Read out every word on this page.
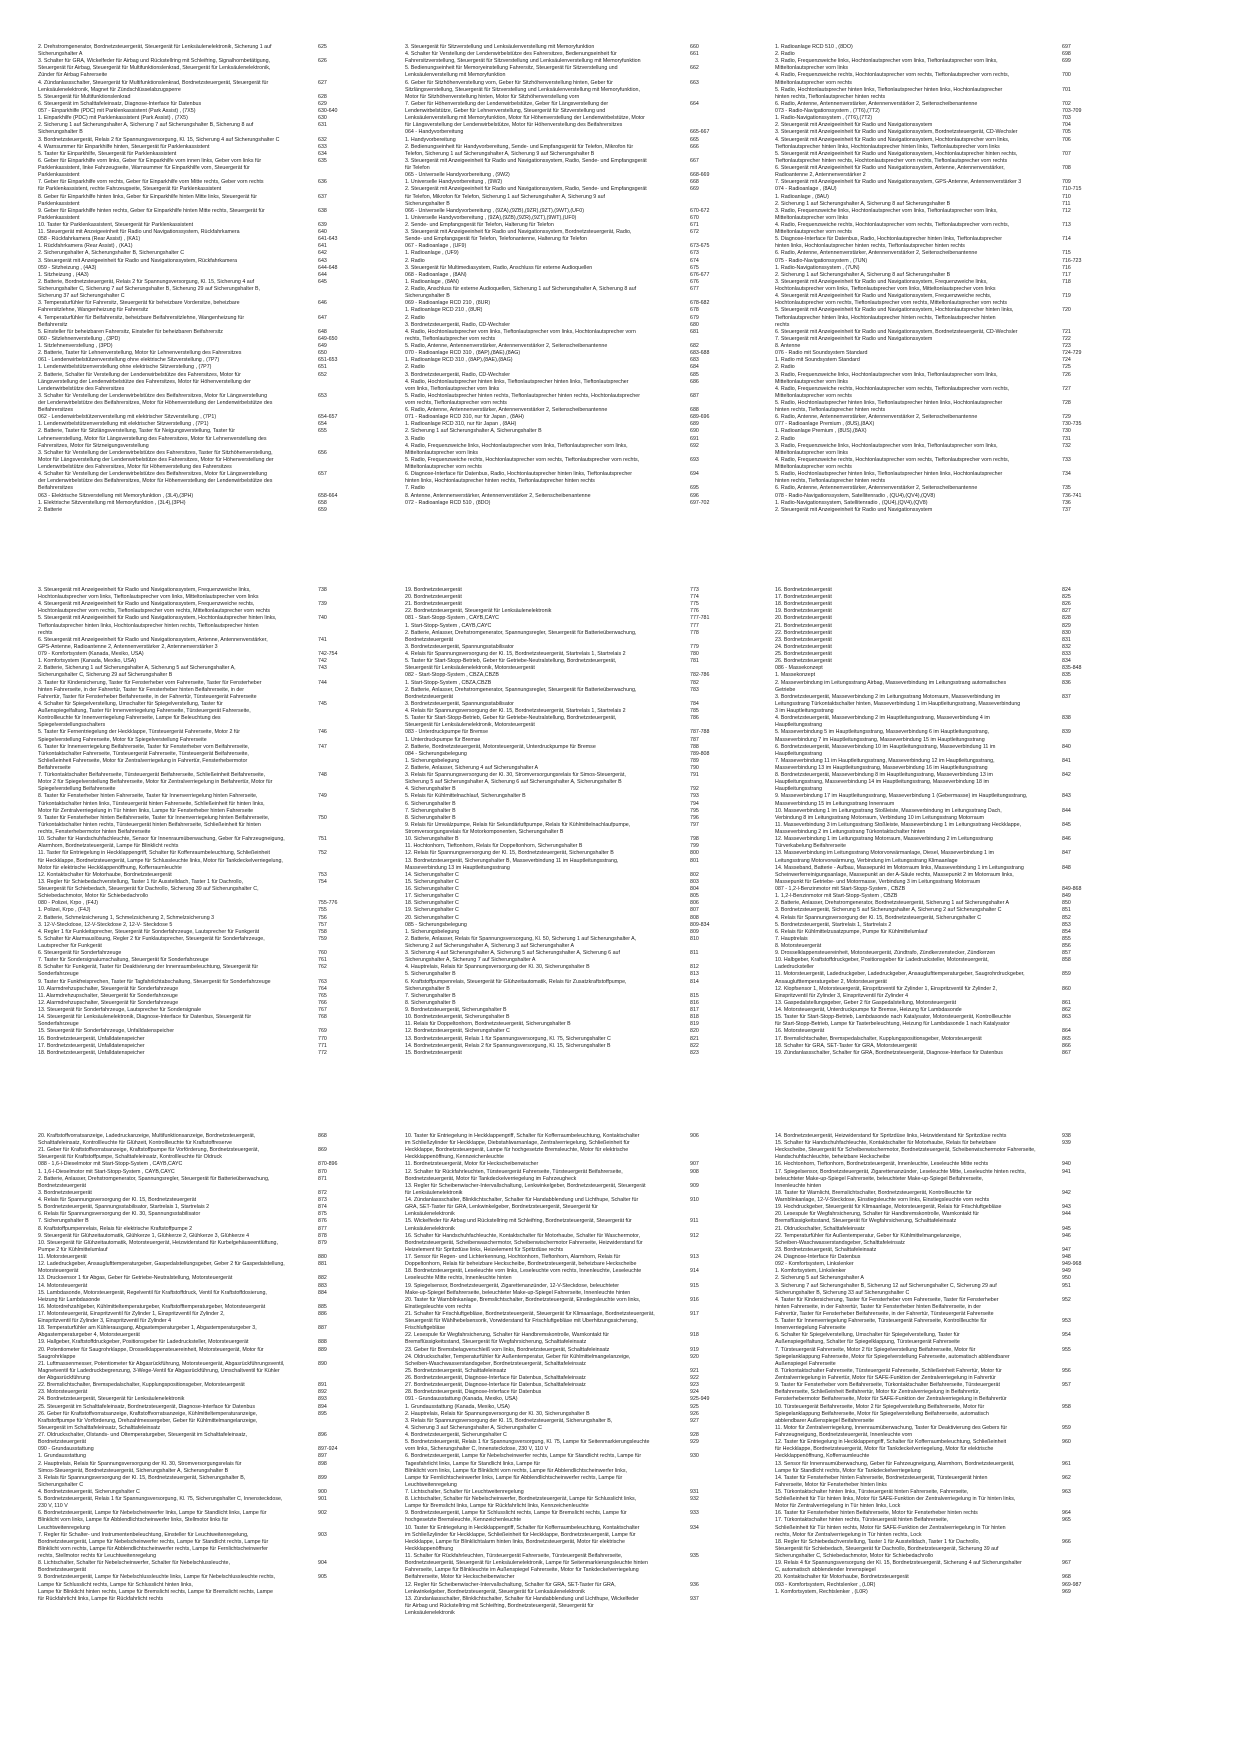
2. Drehstromgenerator, Bordnetzsteuergerät, Steuergerät für Lenksäulenelektronik, Sicherung 1 auf	625
Sicherungshalter A
3. Schalter für GRA, Wickelfeder für Airbag und Rückstellring mit Schleifring, Signalhornbetätigung,	626
Steuergerät für Airbag, Steuergerät für Multifunktionslenkrad, Steuergerät für Lenksäulenelektronik,
Zünder für Airbag Fahrerseite
4. Zündanlassschalter, Steuergerät für Multifunktionslenkrad, Bordnetzsteuergerät, Steuergerät für	627
Lenksäulenelektronik, Magnet für Zündschlüsselabzugsperre
5. Steuergerät für Multifunktionslenkrad	628
6. Steuergerät im Schalttafeleinsatz, Diagnose-Interface für Datenbus	629
057 - Einparkhilfe (PDC) mit Parklenkassistent (Park Assist) , (7X5)	630-640
1. Einparkhilfe (PDC) mit Parklenkassistent (Park Assist) , (7X5)	630
2. Sicherung 1 auf Sicherungshalter A, Sicherung 7 auf Sicherungshalter B, Sicherung 8 auf	631
Sicherungshalter B
3. Bordnetzsteuergerät, Relais 2 für Spannungsversorgung, Kl. 15, Sicherung 4 auf Sicherungshalter C	632
4. Warnsummer für Einparkhilfe hinten, Steuergerät für Parklenkassistent	633
5. Taster für Einparkhilfe, Steuergerät für Parklenkassistent	634
6. Geber für Einparkhilfe vorn links, Geber für Einparkhilfe vorn innen links, Geber vorn links für	635
Parklenkassistent, linke Fahrzeugseite, Warnsummer für Einparkhilfe vorn, Steuergerät für
Parklenkassistent
7. Geber für Einparkhilfe vorn rechts, Geber für Einparkhilfe vorn Mitte rechts, Geber vorn rechts	636
für Parklenkassistent, rechte Fahrzeugseite, Steuergerät für Parklenkassistent
8. Geber für Einparkhilfe hinten links, Geber für Einparkhilfe hinten Mitte links, Steuergerät für	637
Parklenkassistent
9. Geber für Einparkhilfe hinten rechts, Geber für Einparkhilfe hinten Mitte rechts, Steuergerät für	638
Parklenkassistent
10. Taster für Parklenkassistent, Steuergerät für Parklenkassistent	639
11. Steuergerät mit Anzeigeeinheit für Radio und Navigationssystem, Rückfahrkamera	640
058 - Rückfahrkamera (Rear Assist) , (KA1)	641-643
1. Rückfahrkamera (Rear Assist) , (KA1)	641
2. Sicherungshalter A, Sicherungshalter B, Sicherungshalter C	642
3. Steuergerät mit Anzeigeeinheit für Radio und Navigationssystem, Rückfahrkamera	643
059 - Sitzheizung , (4A3)	644-648
1. Sitzheizung , (4A3)	644
2. Batterie, Bordnetzsteuergerät, Relais 2 für Spannungsversorgung, Kl. 15, Sicherung 4 auf	645
Sicherungshalter C, Sicherung 7 auf Sicherungshalter B, Sicherung 29 auf Sicherungshalter B,
Sicherung 37 auf Sicherungshalter C
3. Temperaturfühler für Fahrersitz, Steuergerät für beheizbare Vordersitze, beheizbare	646
Fahrersitzlehne, Wangenheizung für Fahrersitz
4. Temperaturfühler für Beifahrersitz, beheizbare Beifahrersitzlehne, Wangenheizung für	647
Beifahrersitz
5. Einsteller für beheizbaren Fahrersitz, Einsteller für beheizbaren Beifahrersitz	648
060 - Sitzlehnenverstellung , (3PD)	649-650
1. Sitzlehnenverstellung , (3PD)	649
2. Batterie, Taster für Lehnenverstellung, Motor für Lehnenverstellung des Fahrersitzes	650
061 - Lendenwirbelstützenverstellung ohne elektrische Sitzverstellung , (7P7)	651-653
1. Lendenwirbelstützenverstellung ohne elektrische Sitzverstellung , (7P7)	651
2. Batterie, Schalter für Verstellung der Lendenwirbelstütze des Fahrersitzes, Motor für	652
Längsverstellung der Lendenwirbelstütze des Fahrersitzes, Motor für Höhenverstellung der
Lendenwirbelstütze des Fahrersitzes
3. Schalter für Verstellung der Lendenwirbelstütze des Beifahrersitzes, Motor für Längsverstellung	653
der Lendenwirbelstütze des Beifahrersitzes, Motor für Höhenverstellung der Lendenwirbelstütze des
Beifahrersitzes
062 - Lendenwirbelstützenverstellung mit elektrischer Sitzverstellung , (7P1)	654-657
1. Lendenwirbelstützenverstellung mit elektrischer Sitzverstellung , (7P1)	654
2. Batterie, Taster für Sitzlängsverstellung, Taster für Neigungsverstellung, Taster für	655
Lehnenverstellung, Motor für Längsverstellung des Fahrersitzes, Motor für Lehnenverstellung des
Fahrersitzes, Motor für Sitzneigungsverstellung
3. Schalter für Verstellung der Lendenwirbelstütze des Fahrersitzes, Taster für Sitzhöhenverstellung,	656
Motor für Längsverstellung der Lendenwirbelstütze des Fahrersitzes, Motor für Höhenverstellung der
Lendenwirbelstütze des Fahrersitzes, Motor für Höhenverstellung des Fahrersitzes
4. Schalter für Verstellung der Lendenwirbelstütze des Beifahrersitzes, Motor für Längsverstellung	657
der Lendenwirbelstütze des Beifahrersitzes, Motor für Höhenverstellung der Lendenwirbelstütze des
Beifahrersitzes
063 - Elektrische Sitzverstellung mit Memoryfunktion , (3L4),(3PH)	658-664
1. Elektrische Sitzverstellung mit Memoryfunktion , (3L4),(3PH)	658
2. Batterie	659
3. Steuergerät für Sitzverstellung und Lenksäulenverstellung mit Memoryfunktion	660
4. Schalter für Verstellung der Lendenwirbelstütze des Fahrersitzes, Bedienungseinheit für	661
Fahrersitzverstellung, Steuergerät für Sitzverstellung und Lenksäulenverstellung mit Memoryfunktion
5. Bedienungseinheit für Memoryeinstellung Fahrersitz, Steuergerät für Sitzverstellung und	662
Lenksäulenverstellung mit Memoryfunktion
6. Geber für Sitzhöhenverstellung vorn, Geber für Sitzhöhenverstellung hinten, Geber für	663
Sitzlängsverstellung, Steuergerät für Sitzverstellung und Lenksäulenverstellung mit Memoryfunktion,
Motor für Sitzhöhenverstellung hinten, Motor für Sitzhöhenverstellung vorn
7. Geber für Höhenverstellung der Lendenwirbelstütze, Geber für Längsverstellung der	664
Lendenwirbelstütze, Geber für Lehnenverstellung, Steuergerät für Sitzverstellung und
Lenksäulenverstellung mit Memoryfunktion, Motor für Höhenverstellung der Lendenwirbelstütze, Motor
für Längsverstellung der Lendenwirbelstütze, Motor für Höhenverstellung des Beifahrersitzes
064 - Handyvorbereitung	665-667
1. Handyvorbereitung	665
2. Bedienungseinheit für Handyvorbereitung, Sende- und Empfangsgerät für Telefon, Mikrofon für	666
Telefon, Sicherung 1 auf Sicherungshalter A, Sicherung 9 auf Sicherungshalter B
3. Steuergerät mit Anzeigeeinheit für Radio und Navigationssystem, Radio, Sende- und Empfangsgerät	667
für Telefon
065 - Universelle Handyvorbereitung , (9W2)	668-669
1. Universelle Handyvorbereitung , (9W2)	668
2. Steuergerät mit Anzeigeeinheit für Radio und Navigationssystem, Radio, Sende- und Empfangsgerät	669
für Telefon, Mikrofon für Telefon, Sicherung 1 auf Sicherungshalter A, Sicherung 9 auf
Sicherungshalter B
066 - Universelle Handyvorbereitung , (9ZA),(9ZB),(9ZR),(9ZT),(9WT),(UF0)	670-672
1. Universelle Handyvorbereitung , (9ZA),(9ZB),(9ZR),(9ZT),(9WT),(UF0)	670
2. Sende- und Empfangsgerät für Telefon, Halterung für Telefon	671
3. Steuergerät mit Anzeigeeinheit für Radio und Navigationssystem, Bordnetzsteuergerät, Radio,	672
Sende- und Empfangsgerät für Telefon, Telefonantenne, Halterung für Telefon
067 - Radioanlage , (UF9)	673-675
1. Radioanlage , (UF9)	673
2. Radio	674
3. Steuergerät für Multimediasystem, Radio, Anschluss für externe Audioquellen	675
068 - Radioanlage , (8AN)	676-677
1. Radioanlage , (8AN)	676
2. Radio, Anschluss für externe Audioquellen, Sicherung 1 auf Sicherungshalter A, Sicherung 8 auf	677
Sicherungshalter B
069 - Radioanlage RCD 210 , (8UR)	678-682
1. Radioanlage RCD 210 , (8UR)	678
2. Radio	679
3. Bordnetzsteuergerät, Radio, CD-Wechsler	680
4. Radio, Hochtonlautsprecher vorn links, Tieftonlautsprecher vorn links, Hochtonlautsprecher vorn	681
rechts, Tieftonlautsprecher vorn rechts
5. Radio, Antenne, Antennenverstärker, Antennenverstärker 2, Seitenscheibenantenne	682
070 - Radioanlage RCD 310 , (8AP),(8AE),(8AG)	683-688
1. Radioanlage RCD 310 , (8AP),(8AE),(8AG)	683
2. Radio	684
3. Bordnetzsteuergerät, Radio, CD-Wechsler	685
4. Radio, Hochtonlautsprecher hinten links, Tieftonlautsprecher hinten links, Tieftonlautsprecher	686
vorn links, Tieftonlautsprecher vorn links
5. Radio, Hochtonlautsprecher hinten rechts, Tieftonlautsprecher hinten rechts, Hochtonlautsprecher	687
vorn rechts, Tieftonlautsprecher vorn rechts
6. Radio, Antenne, Antennenverstärker, Antennenverstärker 2, Seitenscheibenantenne	688
071 - Radioanlage RCD 310, nur für Japan , (8AH)	689-696
1. Radioanlage RCD 310, nur für Japan , (8AH)	689
2. Sicherung 1 auf Sicherungshalter A, Sicherungshalter B	690
3. Radio	691
4. Radio, Frequenzweiche links, Hochtonlautsprecher vorn links, Tieftonlautsprecher vorn links,	692
Mitteltonlautsprecher vorn links
5. Radio, Frequenzweiche rechts, Hochtonlautsprecher vorn rechts, Tieftonlautsprecher vorn rechts,	693
Mitteltonlautsprecher vorn rechts
6. Diagnose-Interface für Datenbus, Radio, Hochtonlautsprecher hinten links, Tieftonlautsprecher	694
hinten links, Hochtonlautsprecher hinten rechts, Tieftonlautsprecher hinten rechts
7. Radio	695
8. Antenne, Antennenverstärker, Antennenverstärker 2, Seitenscheibenantenne	696
072 - Radioanlage RCD 510 , (8DO)	697-702
1. Radioanlage RCD 510 , (8DO)	697
2. Radio	698
3. Radio, Frequenzweiche links, Hochtonlautsprecher vorn links, Tieftonlautsprecher vorn links,	699
Mitteltonlautsprecher vorn links
4. Radio, Frequenzweiche rechts, Hochtonlautsprecher vorn rechts, Tieftonlautsprecher vorn rechts,	700
Mitteltonlautsprecher vorn rechts
5. Radio, Hochtonlautsprecher hinten links, Tieftonlautsprecher hinten links, Hochtonlautsprecher	701
hinten rechts, Tieftonlautsprecher hinten rechts
6. Radio, Antenne, Antennenverstärker, Antennenverstärker 2, Seitenscheibenantenne	702
073 - Radio-Navigationssystem , (7T6),(7T2)	703-709
1. Radio-Navigationssystem , (7T6),(7T2)	703
2. Steuergerät mit Anzeigeeinheit für Radio und Navigationssystem	704
3. Steuergerät mit Anzeigeeinheit für Radio und Navigationssystem, Bordnetzsteuergerät, CD-Wechsler	705
4. Steuergerät mit Anzeigeeinheit für Radio und Navigationssystem, Hochtonlautsprecher vorn links,	706
Tieftonlautsprecher hinten links, Hochtonlautsprecher hinten links, Tieftonlautsprecher vorn links
5. Steuergerät mit Anzeigeeinheit für Radio und Navigationssystem, Hochtonlautsprecher hinten rechts,	707
Tieftonlautsprecher hinten rechts, Hochtonlautsprecher vorn rechts, Tieftonlautsprecher vorn rechts
6. Steuergerät mit Anzeigeeinheit für Radio und Navigationssystem, Antenne, Antennenverstärker,	708
Radioantenne 2, Antennenverstärker 2
7. Steuergerät mit Anzeigeeinheit für Radio und Navigationssystem, GPS-Antenne, Antennenverstärker 3	709
074 - Radioanlage , (8AU)	710-715
1. Radioanlage , (8AU)	710
2. Sicherung 1 auf Sicherungshalter A, Sicherung 8 auf Sicherungshalter B	711
3. Radio, Frequenzweiche links, Hochtonlautsprecher vorn links, Tieftonlautsprecher vorn links,	712
Mitteltonlautsprecher vorn links
4. Radio, Frequenzweiche rechts, Hochtonlautsprecher vorn rechts, Tieftonlautsprecher vorn rechts,	713
Mitteltonlautsprecher vorn rechts
5. Diagnose-Interface für Datenbus, Radio, Hochtonlautsprecher hinten links, Tieftonlautsprecher	714
hinten links, Hochtonlautsprecher hinten rechts, Tieftonlautsprecher hinten rechts
6. Radio, Antenne, Antennenverstärker, Antennenverstärker 2, Seitenscheibenantenne	715
075 - Radio-Navigationssystem , (7UN)	716-723
1. Radio-Navigationssystem , (7UN)	716
2. Sicherung 1 auf Sicherungshalter A, Sicherung 8 auf Sicherungshalter B	717
3. Steuergerät mit Anzeigeeinheit für Radio und Navigationssystem, Frequenzweiche links,	718
Hochtonlautsprecher vorn links, Tieftonlautsprecher vorn links, Mitteltonlautsprecher vorn links
4. Steuergerät mit Anzeigeeinheit für Radio und Navigationssystem, Frequenzweiche rechts,	719
Hochtonlautsprecher vorn rechts, Tieftonlautsprecher vorn rechts, Mitteltonlautsprecher vorn rechts
5. Steuergerät mit Anzeigeeinheit für Radio und Navigationssystem, Hochtonlautsprecher hinten links,	720
Tieftonlautsprecher hinten links, Hochtonlautsprecher hinten rechts, Tieftonlautsprecher hinten
rechts
6. Steuergerät mit Anzeigeeinheit für Radio und Navigationssystem, Bordnetzsteuergerät, CD-Wechsler	721
7. Steuergerät mit Anzeigeeinheit für Radio und Navigationssystem	722
8. Antenne	723
076 - Radio mit Soundsystem Standard	724-729
1. Radio mit Soundsystem Standard	724
2. Radio	725
3. Radio, Frequenzweiche links, Hochtonlautsprecher vorn links, Tieftonlautsprecher vorn links,	726
Mitteltonlautsprecher vorn links
4. Radio, Frequenzweiche rechts, Hochtonlautsprecher vorn rechts, Tieftonlautsprecher vorn rechts,	727
Mitteltonlautsprecher vorn rechts
5. Radio, Hochtonlautsprecher hinten links, Tieftonlautsprecher hinten links, Hochtonlautsprecher	728
hinten rechts, Tieftonlautsprecher hinten rechts
6. Radio, Antenne, Antennenverstärker, Antennenverstärker 2, Seitenscheibenantenne	729
077 - Radioanlage Premium , (8US),(8AX)	730-735
1. Radioanlage Premium , (8US),(8AX)	730
2. Radio	731
3. Radio, Frequenzweiche links, Hochtonlautsprecher vorn links, Tieftonlautsprecher vorn links,	732
Mitteltonlautsprecher vorn links
4. Radio, Frequenzweiche rechts, Hochtonlautsprecher vorn rechts, Tieftonlautsprecher vorn rechts,	733
Mitteltonlautsprecher vorn rechts
5. Radio, Hochtonlautsprecher hinten links, Tieftonlautsprecher hinten links, Hochtonlautsprecher	734
hinten rechts, Tieftonlautsprecher hinten rechts
6. Radio, Antenne, Antennenverstärker, Antennenverstärker 2, Seitenscheibenantenne	735
078 - Radio-Navigationssystem, Satellitenradio , (QU4),(QV4),(QV8)	736-741
1. Radio-Navigationssystem, Satellitenradio , (QU4),(QV4),(QV8)	736
2. Steuergerät mit Anzeigeeinheit für Radio und Navigationssystem	737
3. Steuergerät mit Anzeigeeinheit für Radio und Navigationssystem, Frequenzweiche links,	738
Hochtonlautsprecher vorn links, Tieftonlautsprecher vorn links, Mitteltonlautsprecher vorn links
4. Steuergerät mit Anzeigeeinheit für Radio und Navigationssystem, Frequenzweiche rechts,	739
Hochtonlautsprecher vorn rechts, Tieftonlautsprecher vorn rechts, Mitteltonlautsprecher vorn rechts
5. Steuergerät mit Anzeigeeinheit für Radio und Navigationssystem, Hochtonlautsprecher hinten links,	740
Tieftonlautsprecher hinten links, Hochtonlautsprecher hinten rechts, Tieftonlautsprecher hinten
rechts
6. Steuergerät mit Anzeigeeinheit für Radio und Navigationssystem, Antenne, Antennenverstärker,	741
GPS-Antenne, Radioantenne 2, Antennenverstärker 2, Antennenverstärker 3
079 - Komfortsystem (Kanada, Mexiko, USA)	742-754
1. Komfortsystem (Kanada, Mexiko, USA)	742
2. Batterie, Sicherung 1 auf Sicherungshalter A, Sicherung 5 auf Sicherungshalter A,	743
Sicherungshalter C, Sicherung 29 auf Sicherungshalter B
3. Taster für Kindersicherung, Taster für Fensterheber vorn Fahrerseite, Taster für Fensterheber	744
hinten Fahrerseite, in der Fahrertür, Taster für Fensterheber hinten Beifahrerseite, in der
Fahrertür, Taster für Fensterheber Beifahrerseite, in der Fahrertür, Türsteuergerät Fahrerseite
4. Schalter für Spiegelverstellung, Umschalter für Spiegelverstellung, Taster für	745
Außenspiegelfaltung, Taster für Innenverriegelung Fahrerseite, Türsteuergerät Fahrerseite,
Kontrollleuchte für Innenverriegelung Fahrerseite, Lampe für Beleuchtung des
Spiegelverstellungsschalters
5. Taster für Fernentriegelung der Heckklappe, Türsteuergerät Fahrerseite, Motor 2 für	746
Spiegelverstellung Fahrerseite, Motor für Spiegelverstellung Fahrerseite
6. Taster für Innenverriegelung Beifahrerseite, Taster für Fensterheber vorn Beifahrerseite,	747
Türkontaktschalter Fahrerseite, Türsteuergerät Fahrerseite, Türsteuergerät Beifahrerseite,
Schließeinheit Fahrerseite, Motor für Zentralverriegelung in Fahrertür, Fensterhebermotor
Beifahrerseite
7. Türkontaktschalter Beifahrerseite, Türsteuergerät Beifahrerseite, Schließeinheit Beifahrerseite,	748
Motor 2 für Spiegelverstellung Beifahrerseite, Motor für Zentralverriegelung in Beifahrertür, Motor für
Spiegelverstellung Beifahrerseite
8. Taster für Fensterheber hinten Fahrerseite, Taster für Innenverriegelung hinten Fahrerseite,	749
Türkontaktschalter hinten links, Türsteuergerät hinten Fahrerseite, Schließeinheit für hinten links,
Motor für Zentralverriegelung in Tür hinten links, Lampe für Fensterheber hinten Fahrerseite
9. Taster für Fensterheber hinten Beifahrerseite, Taster für Innenverriegelung hinten Beifahrerseite,	750
Türkontaktschalter hinten rechts, Türsteuergerät hinten Beifahrerseite, Schließeinheit für hinten
rechts, Fensterhebermotor hinten Beifahrerseite
10. Schalter für Handschuhfachleuchte, Sensor für Innenraumüberwachung, Geber für Fahrzeugneigung,	751
Alarmhorn, Bordnetzsteuergerät, Lampe für Blinklicht rechts
11. Taster für Entriegelung in Heckklappengriff, Schalter für Koffenraumbeleuchtung, Schließeinheit	752
für Heckklappe, Bordnetzsteuergerät, Lampe für Schlussleuchte links, Motor für Tankdeckelverriegelung,
Motor für elektrische Heckklappenöffnung, Kofferraumleuchte
12. Kontaktschalter für Motorhaube, Bordnetzsteuergerät	753
13. Regler für Schiebedachverstellung, Taster 1 für Ausstelldach, Taster 1 für Dachrollo,	754
Steuergerät für Schiebedach, Steuergerät für Dachrollo, Sicherung 39 auf Sicherungshalter C,
Schiebedachmotor, Motor für Schiebedachrollo
080 - Polizei, Krpo , (F4J)	755-776
1. Polizei, Krpo , (F4J)	755
2. Batterie, Schmelzsicherung 1, Schmelzsicherung 2, Schmelzsicherung 3	756
3. 12-V-Steckdose, 12-V-Steckdose 2, 12-V- Steckdose 5	757
4. Regler 1 für Funkleitsprecher, Steuergerät für Sonderfahrzeuge, Lautsprecher für Funkgerät	758
5. Schalter für Alarmauslösung, Regler 2 für Funklautsprecher, Steuergerät für Sonderfahrzeuge,	759
Lautsprecher für Funkgerät
6. Steuergerät für Sonderfahrzeuge	760
7. Taster für Sondersignalumschaltung, Steuergerät für Sonderfahrzeuge	761
8. Schalter für Funkgerät, Taster für Deaktivierung der Innenraumbeleuchtung, Steuergerät für	762
Sonderfahrzeuge
9. Taster für Funkfreisprechen, Taster für Tagfahrlichtabschaltung, Steuergerät für Sonderfahrzeuge	763
10. Alarmdrehzupschalter, Steuergerät für Sonderfahrzeuge	764
11. Alarmdrehzupschalter, Steuergerät für Sonderfahrzeuge	765
12. Alarmdrehzupschalter, Steuergerät für Sonderfahrzeuge	766
13. Steuergerät für Sonderfahrzeuge, Lautsprecher für Sondersignale	767
14. Steuergerät für Lenksäulenelektronik, Diagnose-Interface für Datenbus, Steuergerät für	768
Sonderfahrzeuge
15. Steuergerät für Sonderfahrzeuge, Unfalldatenspeicher	769
16. Bordnetzsteuergerät, Unfalldatenspeicher	770
17. Bordnetzsteuergerät, Unfalldatenspeicher	771
18. Bordnetzsteuergerät, Unfalldatenspeicher	772
19. Bordnetzsteuergerät	773
20. Bordnetzsteuergerät	774
21. Bordnetzsteuergerät	775
22. Bordnetzsteuergerät, Steuergerät für Lenksäulenelektronik	776
081 - Start-Stopp-System , CAYB,CAYC	777-781
1. Start-Stopp-System , CAYB,CAYC	777
2. Batterie, Anlasser, Drehstromgenerator, Spannungsregler, Steuergerät für Batterieüberwachung,	778
Bordnetzsteuergerät
3. Bordnetzsteuergerät, Spannungsstabilisator	779
4. Relais für Spannungsversorgung der Kl. 15, Bordnetzsteuergerät, Startrelais 1, Startrelais 2	780
5. Taster für Start-Stopp-Betrieb, Geber für Getriebe-Neutralstellung, Bordnetzsteuergerät,	781
Steuergerät für Lenksäulenelektronik, Motorsteuergerät
082 - Start-Stopp-System , CBZA,CBZB	782-786
1. Start-Stopp-System , CBZA,CBZB	782
2. Batterie, Anlasser, Drehstromgenerator, Spannungsregler, Steuergerät für Batterieüberwachung,	783
Bordnetzsteuergerät
3. Bordnetzsteuergerät, Spannungsstabilisator	784
4. Relais für Spannungsversorgung der Kl. 15, Bordnetzsteuergerät, Startrelais 1, Startrelais 2	785
5. Taster für Start-Stopp-Betrieb, Geber für Getriebe-Neutralstellung, Bordnetzsteuergerät,	786
Steuergerät für Lenksäulenelektronik, Motorsteuergerät
083 - Unterdruckpumpe für Bremse	787-788
1. Unterdruckpumpe für Bremse	787
2. Batterie, Bordnetzsteuergerät, Motorsteuergerät, Unterdruckpumpe für Bremse	788
084 - Sicherungsbelegung	789-808
1. Sicherungsbelegung	789
2. Batterie, Anlasser, Sicherung 4 auf Sicherungshalter A	790
3. Relais für Spannungsversorgung der Kl. 30, Stromversorgungsrelais für Simos-Steuergerät,	791
Sicherung 5 auf Sicherungshalter A, Sicherung 6 auf Sicherungshalter A, Sicherungshalter B
4. Sicherungshalter B	792
5. Relais für Kühlmittelnachlauf, Sicherungshalter B	793
6. Sicherungshalter B	794
7. Sicherungshalter B	795
8. Sicherungshalter B	796
9. Relais für Umwälzpumpe, Relais für Sekundärluftpumpe, Relais für Kühlmittelnachlaufpumpe,	797
Stromversorgungsrelais für Motorkomponenten, Sicherungshalter B
10. Sicherungshalter B	798
11. Hochtonhorn, Tieftonhorn, Relais für Doppeltonhorn, Sicherungshalter B	799
12. Relais für Spannungsversorgung der Kl. 15, Bordnetzsteuergerät, Sicherungshalter B	800
13. Bordnetzsteuergerät, Sicherungshalter B, Masseverbindung 11 im Hauptleitungsstrang,	801
Masseverbindung 13 im Hauptleitungsstrang
14. Sicherungshalter C	802
15. Sicherungshalter C	803
16. Sicherungshalter C	804
17. Sicherungshalter C	805
18. Sicherungshalter C	806
19. Sicherungshalter C	807
20. Sicherungshalter C	808
085 - Sicherungsbelegung	809-834
1. Sicherungsbelegung	809
2. Batterie, Anlasser, Relais für Spannungsversorgung, Kl. 50, Sicherung 1 auf Sicherungshalter A,	810
Sicherung 2 auf Sicherungshalter A, Sicherung 3 auf Sicherungshalter A
3. Sicherung 4 auf Sicherungshalter A, Sicherung 5 auf Sicherungshalter A, Sicherung 6 auf	811
Sicherungshalter A, Sicherung 7 auf Sicherungshalter A
4. Hauptrelais, Relais für Spannungsversorgung der Kl. 30, Sicherungshalter B	812
5. Sicherungshalter B	813
6. Kraftstoffpumpenrelais, Steuergerät für Glühzeitautomatik, Relais für Zusatzkraftstoffpumpe,	814
Sicherungshalter B
7. Sicherungshalter B	815
8. Sicherungshalter B	816
9. Bordnetzsteuergerät, Sicherungshalter B	817
10. Bordnetzsteuergerät, Sicherungshalter B	818
11. Relais für Doppeltonhorn, Bordnetzsteuergerät, Sicherungshalter B	819
12. Bordnetzsteuergerät, Sicherungshalter C	820
13. Bordnetzsteuergerät, Relais 1 für Spannungsversorgung, Kl. 75, Sicherungshalter C	821
14. Bordnetzsteuergerät, Relais 2 für Spannungsversorgung, Kl. 15, Sicherungshalter B	822
15. Bordnetzsteuergerät	823
16. Bordnetzsteuergerät	824
17. Bordnetzsteuergerät	825
18. Bordnetzsteuergerät	826
19. Bordnetzsteuergerät	827
20. Bordnetzsteuergerät	828
21. Bordnetzsteuergerät	829
22. Bordnetzsteuergerät	830
23. Bordnetzsteuergerät	831
24. Bordnetzsteuergerät	832
25. Bordnetzsteuergerät	833
26. Bordnetzsteuergerät	834
086 - Massekonzept	835-848
1. Massekonzept	835
2. Masseverbindung im Leitungsstrang Airbag, Masseverbindung im Leitungsstrang automatisches	836
Getriebe
3. Bordnetzsteuergerät, Masseverbindung 2 im Leitungsstrang Motorraum, Masseverbindung im	837
Leitungsstrang Türkontaktschalter hinten, Masseverbindung 1 im Hauptleitungsstrang, Masseverbindung
3 im Hauptleitungsstrang
4. Bordnetzsteuergerät, Masseverbindung 2 im Hauptleitungsstrang, Masseverbindung 4 im	838
Hauptleitungsstrang
5. Masseverbindung 5 im Hauptleitungsstrang, Masseverbindung 6 im Hauptleitungsstrang,	839
Masseverbindung 7 im Hauptleitungsstrang, Masseverbindung 15 im Hauptleitungsstrang
6. Bordnetzsteuergerät, Masseverbindung 10 im Hauptleitungsstrang, Masseverbindung 11 im	840
Hauptleitungsstrang
7. Masseverbindung 11 im Hauptleitungsstrang, Masseverbindung 12 im Hauptleitungsstrang,	841
Masseverbindung 13 im Hauptleitungsstrang, Masseverbindung 16 im Hauptleitungsstrang
8. Bordnetzsteuergerät, Masseverbindung 8 im Hauptleitungsstrang, Masseverbindung 13 im	842
Hauptleitungsstrang, Masseverbindung 14 im Hauptleitungsstrang, Masseverbindung 18 im
Hauptleitungsstrang
9. Masseverbindung 17 im Hauptleitungsstrang, Masseverbindung 1 (Gebermasse) im Hauptleitungsstrang,	843
Masseverbindung 15 im Leitungsstrang Innenraum
10. Masseverbindung 1 im Leitungsstrang Stoßleiste, Masseverbindung im Leitungsstrang Dach,	844
Verbindung 8 im Leitungsstrang Motorraum, Verbindung 10 im Leitungsstrang Motorraum
11. Masseverbindung 3 im Leitungsstrang Stoßleiste, Masseverbindung 1 im Leitungsstrang Heckklappe,	845
Masseverbindung 2 im Leitungsstrang Türkontaktschalter hinten
12. Masseverbindung 1 im Leitungsstrang Motorraum, Masseverbindung 2 im Leitungsstrang	846
Türverkabelung Beifahrerseite
13. Masseverbindung im Leitungsstrang Motorvorwärmanlage, Diesel, Masseverbindung 1 im	847
Leitungsstrang Motorvorwärmung, Verbindung im Leitungsstrang Klimaanlage
14. Masseband, Batterie - Aufbau, Massepunkt im Motorraum links, Masseverbindung 1 im Leitungsstrang	848
Scheinwerferreinigungsanlage, Massepunkt an der A-Säule rechts, Massepunkt 2 im Motorraum links,
Massepunkt für Getriebe- und Motormasse, Verbindung 3 im Leitungsstrang Motorraum
087 - 1,2-l-Benzinmotor mit Start-Stopp-System , CBZB	849-868
1. 1,2-l-Benzinmotor mit Start-Stopp-System , CBZB	849
2. Batterie, Anlasser, Drehstromgenerator, Bordnetzsteuergerät, Sicherung 1 auf Sicherungshalter A	850
3. Bordnetzsteuergerät, Sicherung 5 auf Sicherungshalter A, Sicherung 2 auf Sicherungshalter C	851
4. Relais für Spannungsversorgung der Kl. 15, Bordnetzsteuergerät, Sicherungshalter C	852
5. Bordnetzsteuergerät, Startrelais 1, Startrelais 2	853
6. Relais für Kühlmittelzusatzpumpe, Pumpe für Kühlmittelumlauf	854
7. Hauptrelais	855
8. Motorsteuergerät	856
9. Drosselklappensteuereinheit, Motorsteuergerät, Zündtrafo, Zündkerzenstecker, Zündkerzen	857
10. Halbgeber, Kraftstoffdruckgeber, Positionsgeber für Ladedrucksteller, Motorsteuergerät,	858
Ladedrucksteller
11. Motorsteuergerät, Ladedruckgeber, Ladedruckgeber, Ansauglufttemperaturgeber, Saugrohrdruckgeber,	859
Ansauglufttemperaturgeber 2, Motorsteuergerät
12. Klopfsensor 1, Motorsteuergerät, Einspritzventil für Zylinder 1, Einspritzventil für Zylinder 2,	860
Einspritzventil für Zylinder 3, Einspritzventil für Zylinder 4
13. Gaspedalstellungsgeber, Geber 2 für Gaspedalstellung, Motorsteuergerät	861
14. Motorsteuergerät, Unterdruckpumpe für Bremse, Heizung für Lambdasonde	862
15. Taster für Start-Stopp-Betrieb, Lambdasonde nach Katalysator, Motorsteuergerät, Kontrollleuchte	863
für Start-Stopp-Betrieb, Lampe für Tasterbeleuchtung, Heizung für Lambdasonde 1 nach Katalysator
16. Motorsteuergerät	864
17. Bremslichtschalter, Bremspedalschalter, Kupplungspositionsgeber, Motorsteuergerät	865
18. Schalter für GRA, SET-Taster für GRA, Motorsteuergerät	866
19. Zündanlassschalter, Schalter für GRA, Bordnetzsteuergerät, Diagnose-Interface für Datenbus	867
20. Kraftstoffvorratsanzeige, Ladedruckanzeige, Multifunktionsanzeige, Bordnetzsteuergerät,	868
Schalttafeleinsatz, Kontrollleuchte für Glühzeit, Kontrollleuchte für Kraftstoffreserve
21. Geber für Kraftstoffvorratsanzeige, Kraftstoffpumpe für Vorförderung, Bordnetzsteuergerät,	869
Steuergerät für Kraftstoffpumpe, Schalttafeleinsatz, Kontrollleuchte für Öldruck
088 - 1,6-l-Dieselmotor mit Start-Stopp-System , CAYB,CAYC	870-896
1. 1,6-l-Dieselmotor mit Start-Stopp-System , CAYB,CAYC	870
2. Batterie, Anlasser, Drehstromgenerator, Spannungsregler, Steuergerät für Batterieüberwachung,	871
Bordnetzsteuergerät
3. Bordnetzsteuergerät	872
4. Relais für Spannungsversorgung der Kl. 15, Bordnetzsteuergerät	873
5. Bordnetzsteuergerät, Spannungsstabilisator, Startrelais 1, Startrelais 2	874
6. Relais für Spannungsversorgung der Kl. 30, Spannungsstabilisator	875
7. Sicherungshalter B	876
8. Kraftstoffpumpenrelais, Relais für elektrische Kraftstoffpumpe 2	877
9. Steuergerät für Glühzeitautomatik, Glühkerze 1, Glühkerze 2, Glühkerze 3, Glühkerze 4	878
10. Steuergerät für Glühzeitautomatik, Motorsteuergerät, Heizwiderstand für Kurbelgehäuseentlüftung,	879
Pumpe 2 für Kühlmittelumlauf
11. Motorsteuergerät	880
12. Ladedruckgeber, Ansauglufttemperaturgeber, Gaspedalstellungsgeber, Geber 2 für Gaspedalstellung,	881
Motorsteuergerät
13. Drucksensor 1 für Abgas, Geber für Getriebe-Neutralstellung, Motorsteuergerät	882
14. Motorsteuergerät	883
15. Lambdasonde, Motorsteuergerät, Regelventil für Kraftstoffdruck, Ventil für Kraftstoffdosierung,	884
Heizung für Lambdasonde
16. Motordrehzahlgeber, Kühlmitteltemperaturgeber, Kraftstofftemperaturgeber, Motorsteuergerät	885
17. Motorsteuergerät, Einspritzventil für Zylinder 1, Einspritzventil für Zylinder 2,	886
Einspritzventil für Zylinder 3, Einspritzventil für Zylinder 4
18. Temperaturfühler am Kühlerausgang, Abgastemperaturgeber 1, Abgastemperaturgeber 3,	887
Abgastemperaturgeber 4, Motorsteuergerät
19. Hallgeber, Kraftstoffdruckgeber, Positionsgeber für Ladedrucksteller, Motorsteuergerät	888
20. Potentiometer für Saugrohrklappe, Drosselklappensteuereinheit, Motorsteuergerät, Motor für	889
Saugrohrklappe
21. Luftmassenmesser, Potentiometer für Abgasrückführung, Motorsteuergerät, Abgasrückführungsventil,	890
Magnetventil für Ladedruckbegrenzung, 3-Wege-Ventil für Abgasrückführung, Umschaltventil für Kühler
der Abgasrückführung
22. Bremslichtschalter, Bremspedalschalter, Kupplungspositionsgeber, Motorsteuergerät	891
23. Motorsteuergerät	892
24. Bordnetzsteuergerät, Steuergerät für Lenksäulenelektronik	893
25. Steuergerät im Schalttafeleinsatz, Bordnetzsteuergerät, Diagnose-Interface für Datenbus	894
26. Geber für Kraftstoffvorratsanzeige, Kraftstoffvorratsanzeige, Kühlmitteltemperaturanzeige,	895
Kraftstoffpumpe für Vorförderung, Drehzahlmessergeber, Geber für Kühlmittelmangelanzeige,
Steuergerät im Schalttafeleinsatz, Schalttafeleinsatz
27. Öldruckschalter, Ölstands- und Öltemperaturgeber, Steuergerät im Schalttafeleinsatz,	896
Bordnetzsteuergerät
090 - Grundausstattung	897-924
1. Grundausstattung	897
2. Hauptrelais, Relais für Spannungsversorgung der Kl. 30, Stromversorgungsrelais für	898
Simos-Steuergerät, Bordnetzsteuergerät, Sicherungshalter A, Sicherungshalter B
3. Relais für Spannungsversorgung der Kl. 15, Bordnetzsteuergerät, Sicherungshalter B,	899
Sicherungshalter C
4. Bordnetzsteuergerät, Sicherungshalter C	900
5. Bordnetzsteuergerät, Relais 1 für Spannungsversorgung, Kl. 75, Sicherungshalter C, Innensteckdose,	901
230 V, 110 V
6. Bordnetzsteuergerät, Lampe für Nebelscheinwerfer links, Lampe für Standlicht links, Lampe für	902
Blinklicht vorn links, Lampe für Abblendlichtscheinwerfer links, Stellmotor links für
Leuchtweitenregelung
7. Regler für Schalter- und Instrumentenbeleuchtung, Einsteller für Leuchtweitenregelung,	903
Bordnetzsteuergerät, Lampe für Nebelscheinwerfer rechts, Lampe für Standlicht rechts, Lampe für
Blinklicht vorn rechts, Lampe für Abblendlichtscheinwerfer rechts, Lampe für Fernlichtscheinwerfer
rechts, Stellmotor rechts für Leuchtweitenregelung
8. Lichtschalter, Schalter für Nebelscheinwerfer, Schalter für Nebelschlussleuchte,	904
Bordnetzsteuergerät
9. Bordnetzsteuergerät, Lampe für Nebelschlussleuchte links, Lampe für Nebelschlussleuchte rechts,	905
Lampe für Schlusslicht rechts, Lampe für Schlusslicht hinten links,
Lampe für Blinklicht hinten rechts, Lampe für Bremslicht rechts, Lampe für Bremslicht rechts, Lampe
für Rückfahrlicht links, Lampe für Rückfahrlicht rechts
10. Taster für Entriegelung in Heckklappengriff, Schalter für Kofferraumbeleuchtung, Kontaktschalter	906
im Schließzylinder für Heckklappe, Diebstahlwarnanlage, Zentralverriegelung, Schließeinheit für
Heckklappe, Bordnetzsteuergerät, Lampe für hochgesetzte Bremsleuchte, Motor für elektrische
Heckklappenöffnung, Kennzeichenleuchte
11. Bordnetzsteuergerät, Motor für Heckscheibenwischer	907
12. Schalter für Rückfahrleuchten, Türsteuergerät Fahrerseite, Türsteuergerät Beifahrerseite,	908
Bordnetzsteuergerät, Motor für Tankdeckelverriegelung im Fahrzeugheck
13. Regler für Scheibenwischer-Intervallschaltung, Lenkwinkelgeber, Bordnetzsteuergerät, Steuergerät	909
für Lenksäulenelektronik
14. Zündanlassschalter, Blinklichtschalter, Schalter für Handabblendung und Lichthupe, Schalter für	910
GRA, SET-Taster für GRA, Lenkwinkelgeber, Bordnetzsteuergerät, Steuergerät für
Lenksäulenelektronik
15. Wickelfeder für Airbag und Rückstellring mit Schleifring, Bordnetzsteuergerät, Steuergerät für	911
Lenksäulenelektronik
16. Schalter für Handschuhfachleuchte, Kontaktschalter für Motorhaube, Schalter für Waschermotor,	912
Bordnetzsteuergerät, Scheibenwaschermotor, Scheibenwischermotor Fahrerseite, Heizwiderstand für
Heizelement für Spritzdüse links, Heizelement für Spritzdüse rechts
17. Sensor für Regen- und Lichterkennung, Hochtonhorn, Tieftonhorn, Alarmhorn, Relais für	913
Doppeltonhorn, Relais für beheizbare Heckscheibe, Bordnetzsteuergerät, beheizbare Heckscheibe
18. Bordnetzsteuergerät, Leseleuchte vorn links, Leseleuchte vorn rechts, Innenleuchte, Leseleuchte	914
Leseleuchte Mitte rechts, Innenleuchte hinten
19. Spiegelsensor, Bordnetzsteuergerät, Zigarettenanzünder, 12-V-Steckdose, beleuchteter	915
Make-up-Spiegel Beifahrerseite, beleuchteter Make-up-Spiegel Fahrerseite, Innenleuchte hinten
20. Taster für Warnblinkanlage, Bremslichtschalter, Bordnetzsteuergerät, Einstiegsleuchte vorn links,	916
Einstiegsleuchte vorn rechts
21. Schalter für Frischluftgebläse, Bordnetzsteuergerät, Steuergerät für Klimaanlage, Bordnetzsteuergerät,	917
Steuergerät für Wählhebelsensorik, Vorwiderstand für Frischluftgebläse mit Überhitzungssicherung,
Frischluftgebläse
22. Lesespule für Wegfahrsicherung, Schalter für Handbremskontrolle, Warnkontakt für	918
Bremsflüssigkeitsstand, Steuergerät für Wegfahrsicherung, Schalttafeleinsatz
23. Geber für Bremsbelagverschleiß vorn links, Bordnetzsteuergerät, Schalttafeleinsatz	919
24. Öldruckschalter, Temperaturfühler für Außentemperatur, Geber für Kühlmittelmangelanzeige,	920
Scheiben-Waschwasserstandsgeber, Bordnetzsteuergerät, Schalttafeleinsatz
25. Bordnetzsteuergerät, Schalttafeleinsatz	921
26. Bordnetzsteuergerät, Diagnose-Interface für Datenbus, Schalttafeleinsatz	922
27. Bordnetzsteuergerät, Diagnose-Interface für Datenbus, Schalttafeleinsatz	923
28. Bordnetzsteuergerät, Diagnose-Interface für Datenbus	924
091 - Grundausstattung (Kanada, Mexiko, USA)	925-949
1. Grundausstattung (Kanada, Mexiko, USA)	925
2. Hauptrelais, Relais für Spannungsversorgung der Kl. 30, Sicherungshalter B	926
3. Relais für Spannungsversorgung der Kl. 15, Bordnetzsteuergerät, Sicherungshalter B,	927
4. Sicherung 3 auf Sicherungshalter A, Sicherungshalter C
4. Bordnetzsteuergerät, Sicherungshalter C	928
5. Bordnetzsteuergerät, Relais 1 für Spannungsversorgung, Kl. 75, Lampe für Seitenmarkierungsleuchte	929
vorn links, Sicherungshalter C, Innensteckdose, 230 V, 110 V
6. Bordnetzsteuergerät, Lampe für Nebelscheinwerfer rechts, Lampe für Standlicht rechts, Lampe für	930
Tagesfahrlicht links, Lampe für Standlicht links, Lampe für
Blinklicht vorn links, Lampe für Blinklicht vorn rechts, Lampe für Abblendlichtscheinwerfer links,
Lampe für Fernlichtscheinwerfer links, Lampe für Abblendlichtscheinwerfer rechts, Lampe für
Leuchtweitenregelung
7. Lichtschalter, Schalter für Leuchtweitenregelung	931
8. Lichtschalter, Schalter für Nebelscheinwerfer, Bordnetzsteuergerät, Lampe für Schlusslicht links,	932
Lampe für Bremslicht links, Lampe für Rückfahrlicht links, Kennzeichenleuchte
9. Bordnetzsteuergerät, Lampe für Schlusslicht rechts, Lampe für Bremslicht rechts, Lampe für	933
hochgesetzte Bremsleuchte, Kennzeichenleuchte
10. Taster für Entriegelung in Heckklappengriff, Schalter für Kofferraumbeleuchtung, Kontaktschalter	934
im Schließzylinder für Heckklappe, Schließeinheit für Heckklappe, Bordnetzsteuergerät, Lampe für
Heckklappe, Lampe für Blinklichtalarm hinten links, Bordnetzsteuergerät, Motor für elektrische
Heckklappenöffnung
11. Schalter für Rückfahrleuchten, Türsteuergerät Fahrerseite, Türsteuergerät Beifahrerseite,	935
Bordnetzsteuergerät, Steuergerät für Lenksäulenelektronik, Lampe für Seitenmarkierungsleuchte hinten
Fahrerseite, Lampe für Blinkleuchte im Außenspiegel Fahrerseite, Motor für Tankdeckelverriegelung
Beifahrerseite, Motor für Heckscheibenwischer
12. Regler für Scheibenwischer-Intervallschaltung, Schalter für GRA, SET-Taster für GRA,	936
Lenkwinkelgeber, Bordnetzsteuergerät, Steuergerät für Lenksäulenelektronik
13. Zündanlassschalter, Blinklichtschalter, Schalter für Handabblendung und Lichthupe, Wickelfeder	937
für Airbag und Rückstellring mit Schleifring, Bordnetzsteuergerät, Steuergerät für
Lenksäulenelektronik
14. Bordnetzsteuergerät, Heizwiderstand für Spritzdüse links, Heizwiderstand für Spritzdüse rechts	938
15. Schalter für Handschuhfachleuchte, Kontaktschalter für Motorhaube, Relais für beheizbare	939
Heckscheibe, Steuergerät für Scheibenwischermotor, Bordnetzsteuergerät, Scheibenwischermotor Fahrerseite,
Handschuhfachleuchte, beheizbare Heckscheibe
16. Hochtonhorn, Tieftonhorn, Bordnetzsteuergerät, Innenleuchte, Leseleuchte Mitte rechts	940
17. Spiegelsensor, Bordnetzsteuergerät, Zigarettenanzünder, Leseleuchte Mitte, Leseleuchte hinten rechts,	941
beleuchteter Make-up-Spiegel Fahrerseite, beleuchteter Make-up-Spiegel Beifahrerseite,
Innenleuchte hinten
18. Taster für Warnlicht, Bremslichtschalter, Bordnetzsteuergerät, Kontrollleuchte für	942
Warnblinkanlage, 12-V-Steckdose, Einstiegsleuchte vorn links, Einstiegsleuchte vorn rechts
19. Hochdruckgeber, Steuergerät für Klimaanlage, Motorsteuergerät, Relais für Frischluftgebläse	943
20. Lesespule für Wegfahrsicherung, Schalter für Handbremskontrolle, Warnkontakt für	944
Bremsflüssigkeitsstand, Steuergerät für Wegfahrsicherung, Schalttafeleinsatz
21. Öldruckschalter, Schalttafeleinsatz	945
22. Temperaturfühler für Außentemperatur, Geber für Kühlmittelmangelanzeige,	946
Scheiben-Waschwasserstandsgeber, Schalttafeleinsatz
23. Bordnetzsteuergerät, Schalttafeleinsatz	947
24. Diagnose-Interface für Datenbus	948
092 - Komfortsystem, Linkslenker	949-968
1. Komfortsystem, Linkslenker	949
2. Sicherung 5 auf Sicherungshalter A	950
3. Sicherung 7 auf Sicherungshalter B, Sicherung 12 auf Sicherungshalter C, Sicherung 29 auf	951
Sicherungshalter B, Sicherung 33 auf Sicherungshalter C
4. Taster für Kindersicherung, Taster für Fensterheber vorn Fahrerseite, Taster für Fensterheber	952
hinten Fahrerseite, in der Fahrertür, Taster für Fensterheber hinten Beifahrerseite, in der
Fahrertür, Taster für Fensterheber Beifahrerseite, in der Fahrertür, Türsteuergerät Fahrerseite
5. Taster für Innenverriegelung Fahrerseite, Türsteuergerät Fahrerseite, Kontrollleuchte für	953
Innenverriegelung Fahrerseite
6. Schalter für Spiegelverstellung, Umschalter für Spiegelverstellung, Taster für	954
Außenspiegelfaltung, Schalter für Spiegelklappung, Türsteuergerät Fahrerseite
7. Türsteuergerät Fahrerseite, Motor 2 für Spiegelverstellung Beifahrerseite, Motor für	955
Spiegelanklappung Fahrerseite, Motor für Spiegelverstellung Fahrerseite, automatisch abblendbarer
Außenspiegel Fahrerseite
8. Türkontaktschalter Fahrerseite, Türsteuergerät Fahrerseite, Schließeinheit Fahrertür, Motor für	956
Zentralverriegelung in Fahrertür, Motor für SAFE-Funktion der Zentralverriegelung in Fahrertür
9. Taster für Fensterheber vorn Beifahrerseite, Türkontaktschalter Beifahrerseite, Türsteuergerät	957
Beifahrerseite, Schließeinheit Beifahrertür, Motor für Zentralverriegelung in Beifahrertür,
Fensterhebermotor Beifahrerseite, Motor für SAFE-Funktion der Zentralverriegelung in Beifahrertür
10. Türsteuergerät Beifahrerseite, Motor 2 für Spiegelverstellung Beifahrerseite, Motor für	958
Spiegelanklappung Beifahrerseite, Motor für Spiegelverstellung Beifahrerseite, automatisch
abblendbarer Außenspiegel Beifahrerseite
11. Motor für Zentralverriegelung, Innenraumüberwachung, Taster für Deaktivierung des Gebers für	959
Fahrzeugneigung, Bordnetzsteuergerät, Innenleuchte vorn
12. Taster für Entriegelung in Heckklappengriff, Schalter für Kofferraumbeleuchtung, Schließeinheit	960
für Heckklappe, Bordnetzsteuergerät, Motor für Tankdeckelverriegelung, Motor für elektrische
Heckklappenöffnung, Kofferraumleuchte
13. Sensor für Innenraumüberwachung, Geber für Fahrzeugneigung, Alarmhorn, Bordnetzsteuergerät,	961
Lampe für Standlicht rechts, Motor für Tankdeckelverriegelung
14. Taster für Fensterheber hinten Fahrerseite, Bordnetzsteuergerät, Türsteuergerät hinten	962
Fahrerseite, Motor für Fensterheber hinten links
15. Türkontaktschalter hinten links, Türsteuergerät hinten Fahrerseite, Fahrerseite,	963
Schließeinheit für Tür hinten links, Motor für SAFE-Funktion der Zentralverriegelung in Tür hinten links,
Motor für Zentralverriegelung in Tür hinten links, Lock
16. Taster für Fensterheber hinten Beifahrerseite, Motor für Fensterheber hinten rechts	964
17. Türkontaktschalter hinten rechts, Türsteuergerät hinten Beifahrerseite,	965
Schließeinheit für Tür hinten rechts, Motor für SAFE-Funktion der Zentralverriegelung in Tür hinten
rechts, Motor für Zentralverriegelung in Tür hinten rechts, Lock
18. Regler für Schiebedachverstellung, Taster 1 für Ausstelldach, Taster 1 für Dachrollo,	966
Steuergerät für Schiebedach, Steuergerät für Dachrollo, Bordnetzsteuergerät, Sicherung 39 auf
Sicherungshalter C, Schiebedachmotor, Motor für Schiebedachrollo
19. Relais 4 für Spannungsversorgung der Kl. 15, Bordnetzsteuergerät, Sicherung 4 auf Sicherungshalter	967
C, automatisch abblendender Innenspiegel
20. Kontaktschalter für Motorhaube, Bordnetzsteuergerät	968
093 - Komfortsystem, Rechtslenker , (L0R)	969-987
1. Komfortsystem, Rechtslenker , (L0R)	969
